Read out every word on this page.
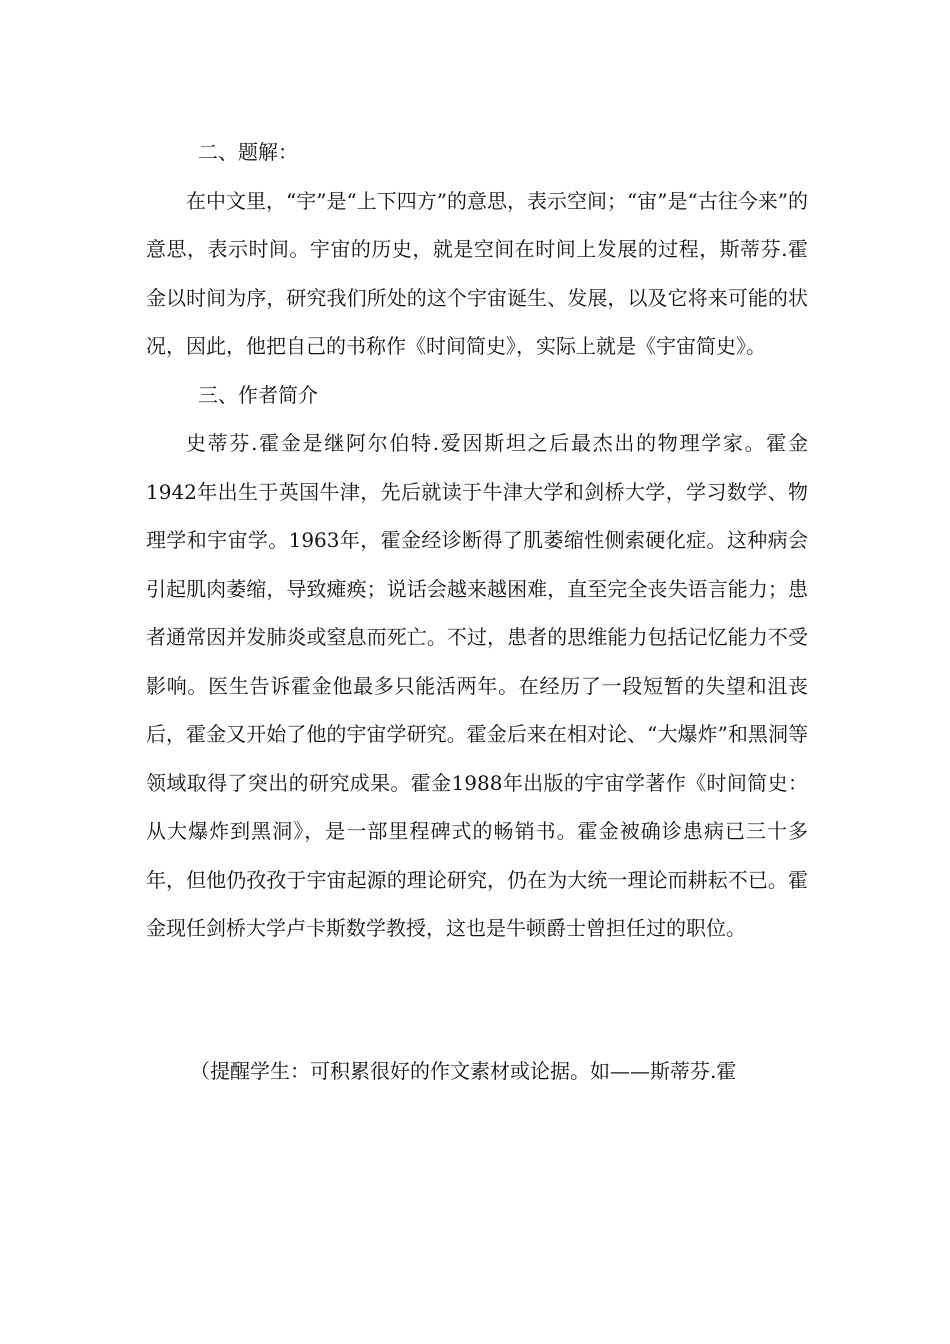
二、题解：

在中文里，“宇”是“上下四方”的意思，表示空间；“宙”是“古往今来”的意思，表示时间。宇宙的历史，就是空间在时间上发展的过程，斯蒂芬.霍金以时间为序，研究我们所处的这个宇宙诞生、发展，以及它将来可能的状况，因此，他把自己的书称作《时间简史》，实际上就是《宇宙简史》。

三、作者简介

史蒂芬.霍金是继阿尔伯特.爱因斯坦之后最杰出的物理学家。霍金1942年出生于英国牛津，先后就读于牛津大学和剑桥大学，学习数学、物理学和宇宙学。1963年，霍金经诊断得了肌萎缩性侧索硬化症。这种病会引起肌肉萎缩，导致瘫痪；说话会越来越困难，直至完全丧失语言能力；患者通常因并发肺炎或窒息而死亡。不过，患者的思维能力包括记忆能力不受影响。医生告诉霍金他最多只能活两年。在经历了一段短暂的失望和沮丧后，霍金又开始了他的宇宙学研究。霍金后来在相对论、“大爆炸”和黑洞等领域取得了突出的研究成果。霍金1988年出版的宇宙学著作《时间简史：从大爆炸到黑洞》，是一部里程碑式的畅销书。霍金被确诊患病已三十多年，但他仍孜孜于宇宙起源的理论研究，仍在为大统一理论而耕耘不已。霍金现任剑桥大学卢卡斯数学教授，这也是牛顿爵士曾担任过的职位。

（提醒学生：可积累很好的作文素材或论据。如——斯蒂芬.霍
